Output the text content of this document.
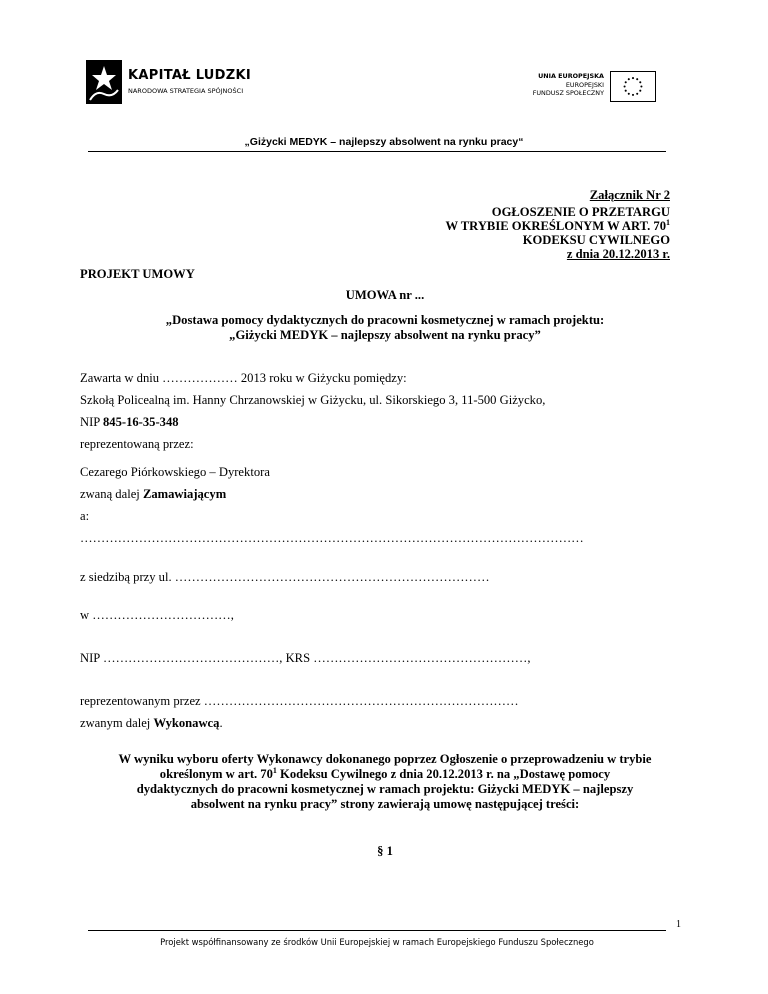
KAPITAŁ LUDZKI
NARODOWA STRATEGIA SPÓJNOŚCI
UNIA EUROPEJSKA
EUROPEJSKI
FUNDUSZ SPOŁECZNY
„Giżycki MEDYK – najlepszy absolwent na rynku pracy“
Załącznik Nr 2
OGŁOSZENIE O PRZETARGU
W TRYBIE OKREŚLONYM W ART. $70^1$
KODEKSU CYWILNEGO
z dnia 20.12.2013 r.
PROJEKT UMOWY
UMOWA nr ...
„Dostawa pomocy dydaktycznych do pracowni kosmetycznej w ramach projektu:
„Giżycki MEDYK – najlepszy absolwent na rynku pracy”
Zawarta w dniu ……………… 2013 roku w Giżycku pomiędzy:
Szkołą Policealną im. Hanny Chrzanowskiej w Giżycku, ul. Sikorskiego 3, 11-500 Giżycko,
NIP 845-16-35-348
reprezentowaną przez:
Cezarego Piórkowskiego – Dyrektora
zwaną dalej Zamawiającym
a:
…………………………………………………………………………………………………………
z siedzibą przy ul. …………………………………………………………………
w ……………………………,
NIP ……………………………………, KRS ……………………………………………,
reprezentowanym przez …………………………………………………………………
zwanym dalej Wykonawcą.
W wyniku wyboru oferty Wykonawcy dokonanego poprzez Ogłoszenie o przeprowadzeniu w trybie
określonym w art. $70^1$ Kodeksu Cywilnego z dnia 20.12.2013 r. na „Dostawę pomocy
dydaktycznych do pracowni kosmetycznej w ramach projektu: Giżycki MEDYK – najlepszy
absolwent na rynku pracy” strony zawierają umowę następującej treści:
§ 1
1
Projekt współfinansowany ze środków Unii Europejskiej w ramach Europejskiego Funduszu Społecznego
